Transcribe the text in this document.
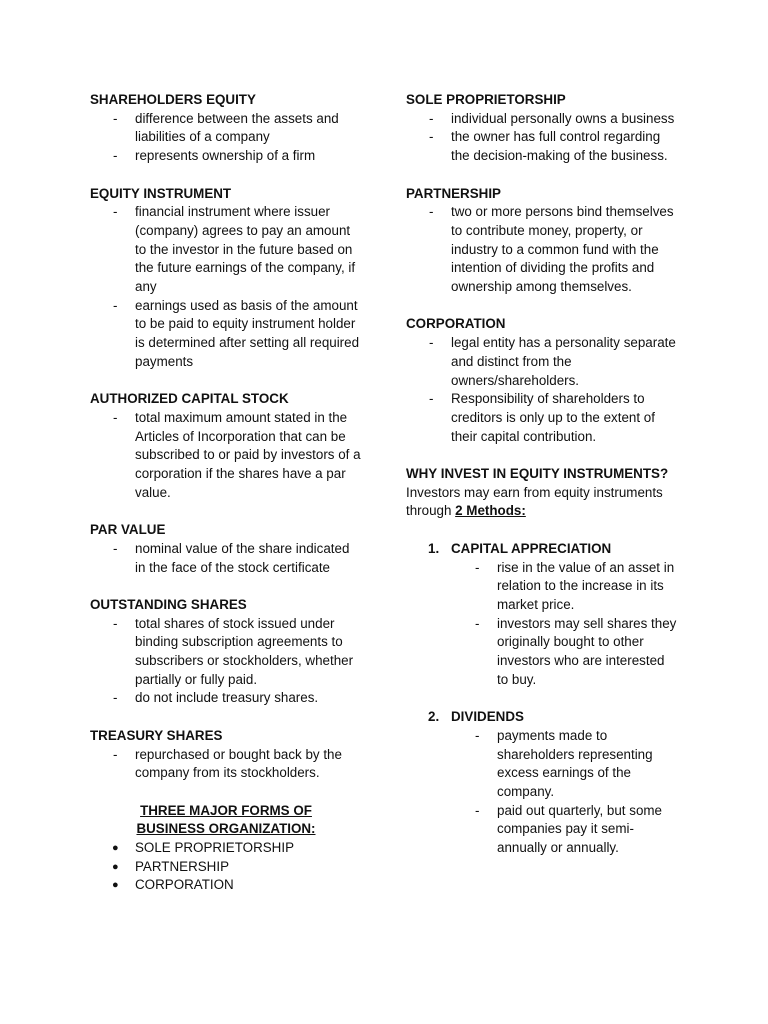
SHAREHOLDERS EQUITY

- difference between the assets and liabilities of a company
- represents ownership of a firm

EQUITY INSTRUMENT

- financial instrument where issuer (company) agrees to pay an amount to the investor in the future based on the future earnings of the company, if any
- earnings used as basis of the amount to be paid to equity instrument holder is determined after setting all required payments

AUTHORIZED CAPITAL STOCK

- total maximum amount stated in the Articles of Incorporation that can be subscribed to or paid by investors of a corporation if the shares have a par value.

PAR VALUE

- nominal value of the share indicated in the face of the stock certificate

OUTSTANDING SHARES

- total shares of stock issued under binding subscription agreements to subscribers or stockholders, whether partially or fully paid.
- do not include treasury shares.

TREASURY SHARES

- repurchased or bought back by the company from its stockholders.

THREE MAJOR FORMS OF

BUSINESS ORGANIZATION:

● SOLE PROPRIETORSHIP
● PARTNERSHIP
● CORPORATION

SOLE PROPRIETORSHIP

- individual personally owns a business
- the owner has full control regarding the decision-making of the business.

PARTNERSHIP

- two or more persons bind themselves to contribute money, property, or industry to a common fund with the intention of dividing the profits and ownership among themselves.

CORPORATION

- legal entity has a personality separate and distinct from the owners/shareholders.
- Responsibility of shareholders to creditors is only up to the extent of their capital contribution.

WHY INVEST IN EQUITY INSTRUMENTS?

Investors may earn from equity instruments through 2 Methods:

1. CAPITAL APPRECIATION
- rise in the value of an asset in relation to the increase in its market price.
- investors may sell shares they originally bought to other investors who are interested to buy.
2. DIVIDENDS
- payments made to shareholders representing excess earnings of the company.
- paid out quarterly, but some companies pay it semi-annually or annually.
